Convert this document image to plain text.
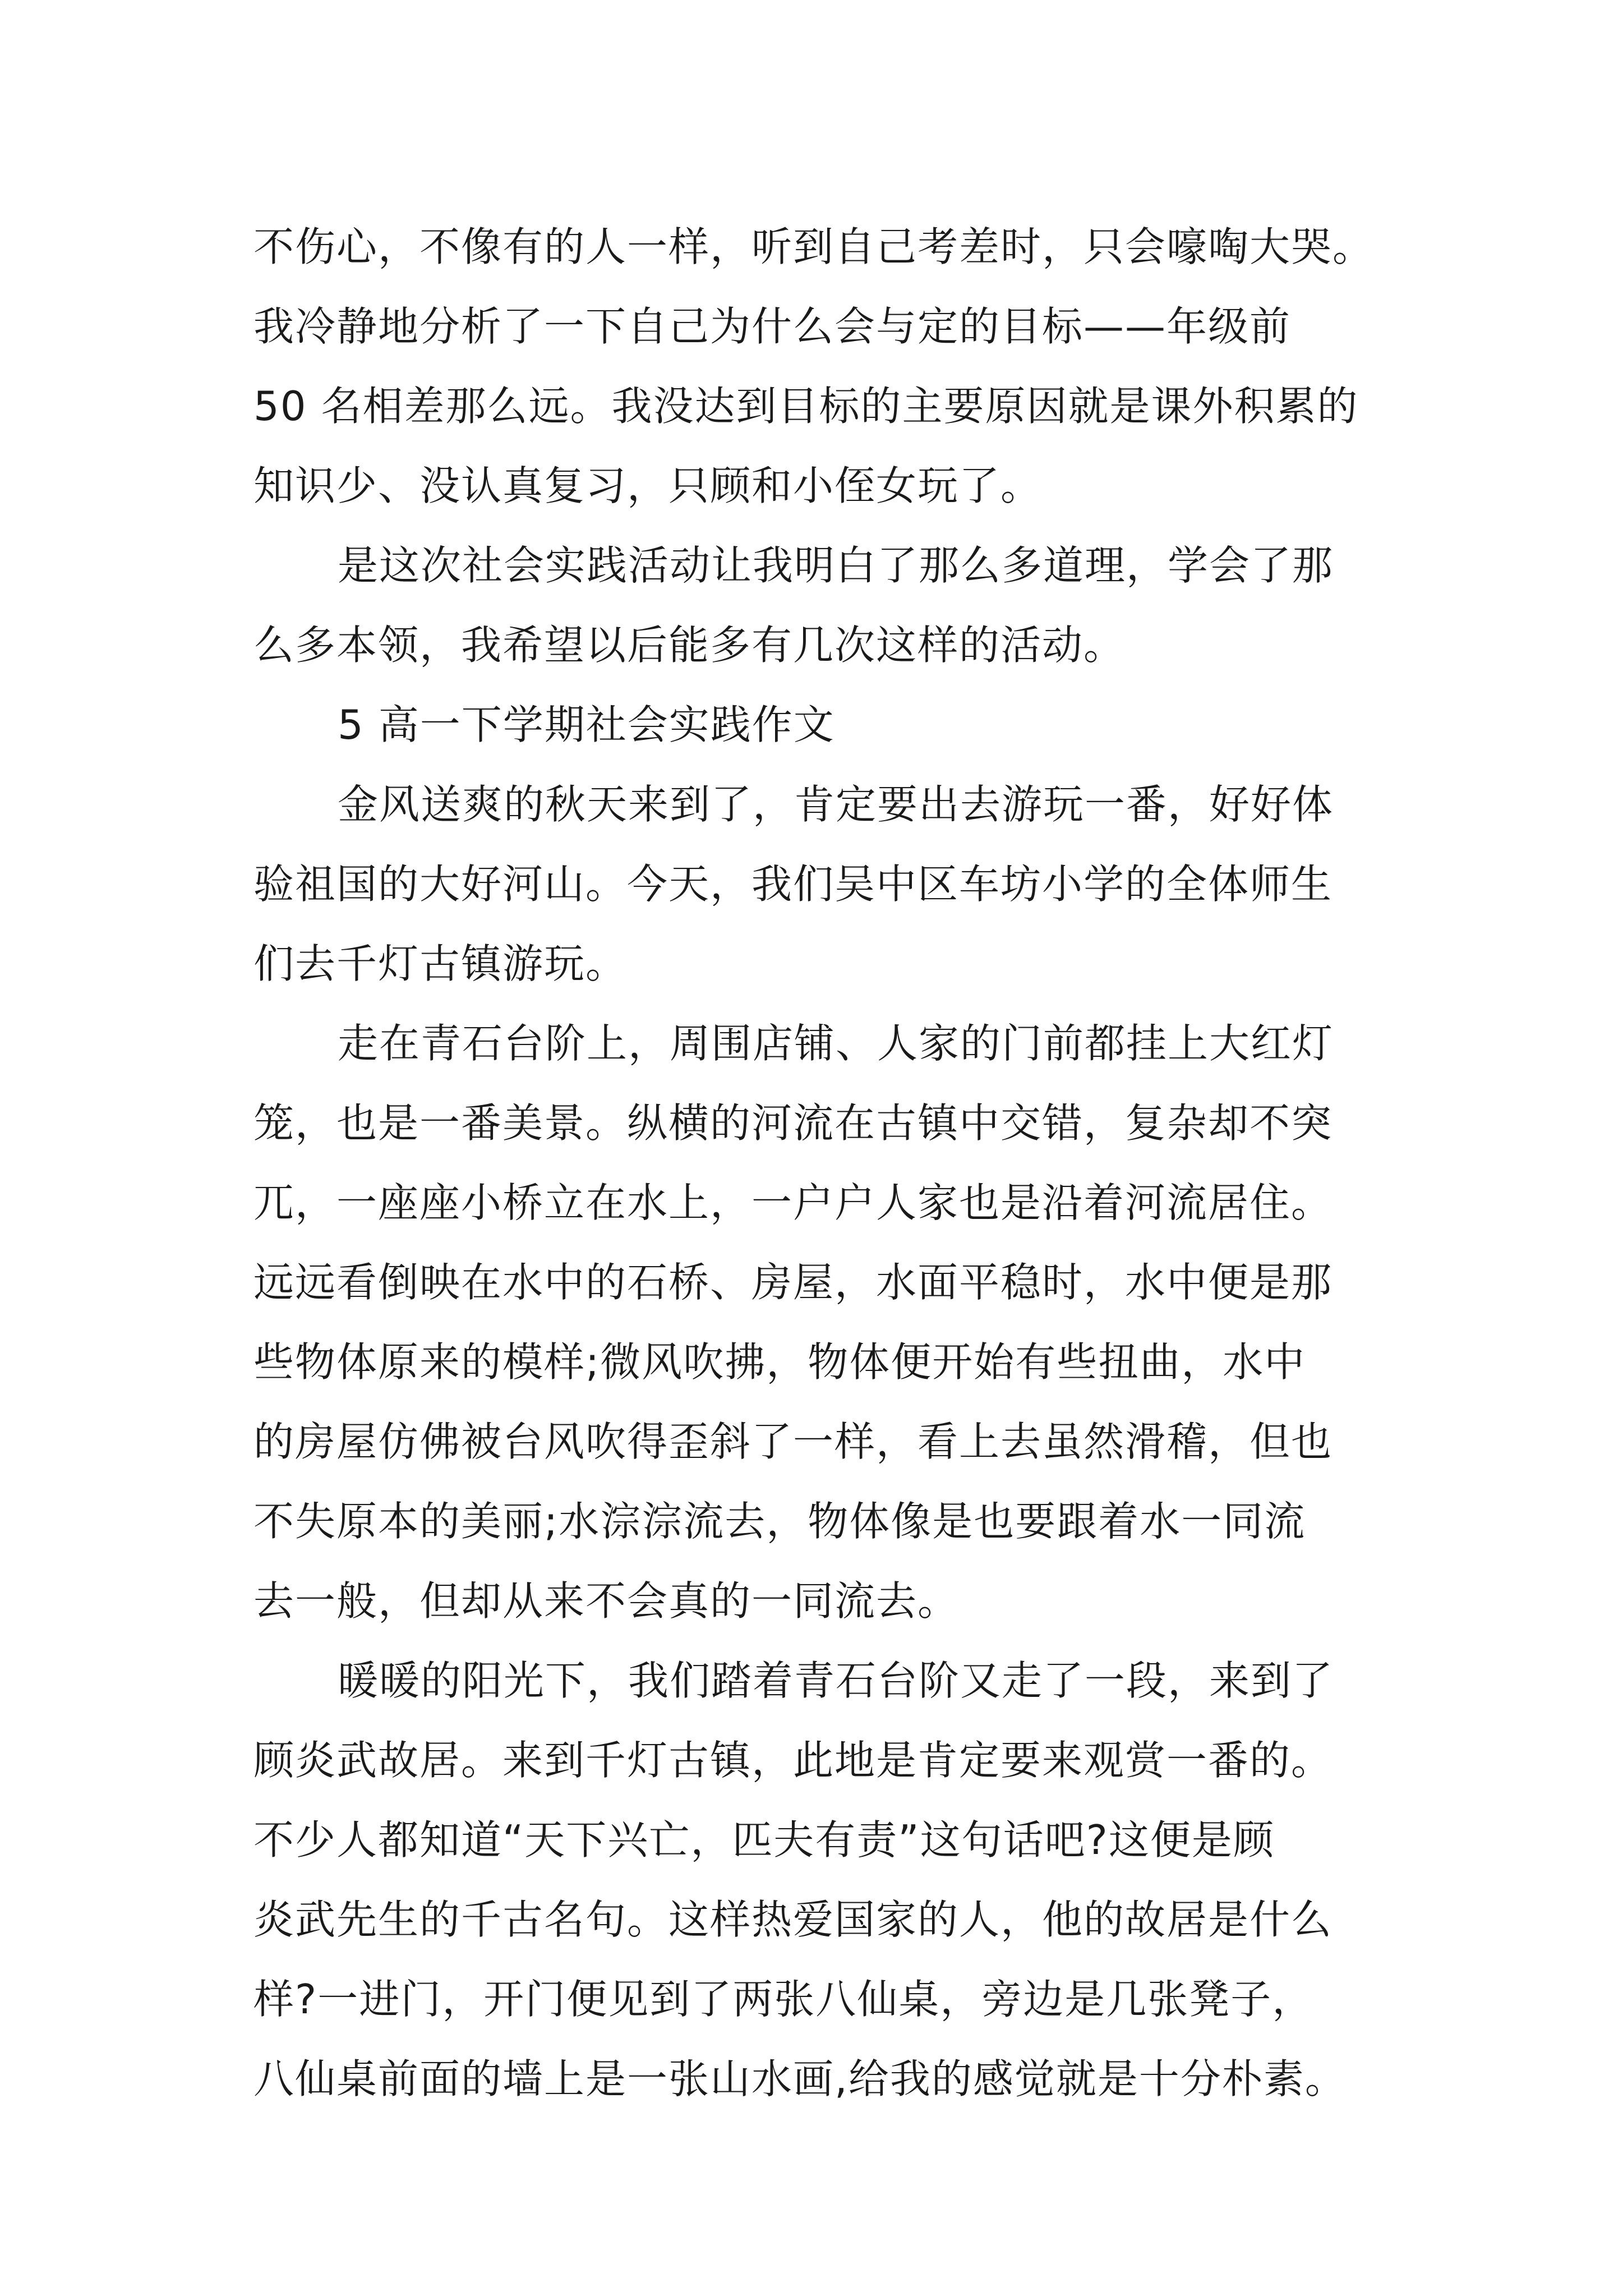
不伤心，不像有的人一样，听到自己考差时，只会嚎啕大哭。
我冷静地分析了一下自己为什么会与定的目标——年级前
50 名相差那么远。我没达到目标的主要原因就是课外积累的
知识少、没认真复习，只顾和小侄女玩了。
是这次社会实践活动让我明白了那么多道理，学会了那
么多本领，我希望以后能多有几次这样的活动。
5 高一下学期社会实践作文
金风送爽的秋天来到了，肯定要出去游玩一番，好好体
验祖国的大好河山。今天，我们吴中区车坊小学的全体师生
们去千灯古镇游玩。
走在青石台阶上，周围店铺、人家的门前都挂上大红灯
笼，也是一番美景。纵横的河流在古镇中交错，复杂却不突
兀，一座座小桥立在水上，一户户人家也是沿着河流居住。
远远看倒映在水中的石桥、房屋，水面平稳时，水中便是那
些物体原来的模样;微风吹拂，物体便开始有些扭曲，水中
的房屋仿佛被台风吹得歪斜了一样，看上去虽然滑稽，但也
不失原本的美丽;水淙淙流去，物体像是也要跟着水一同流
去一般，但却从来不会真的一同流去。
暖暖的阳光下，我们踏着青石台阶又走了一段，来到了
顾炎武故居。来到千灯古镇，此地是肯定要来观赏一番的。
不少人都知道“天下兴亡，匹夫有责”这句话吧?这便是顾
炎武先生的千古名句。这样热爱国家的人，他的故居是什么
样?一进门，开门便见到了两张八仙桌，旁边是几张凳子，
八仙桌前面的墙上是一张山水画,给我的感觉就是十分朴素。
